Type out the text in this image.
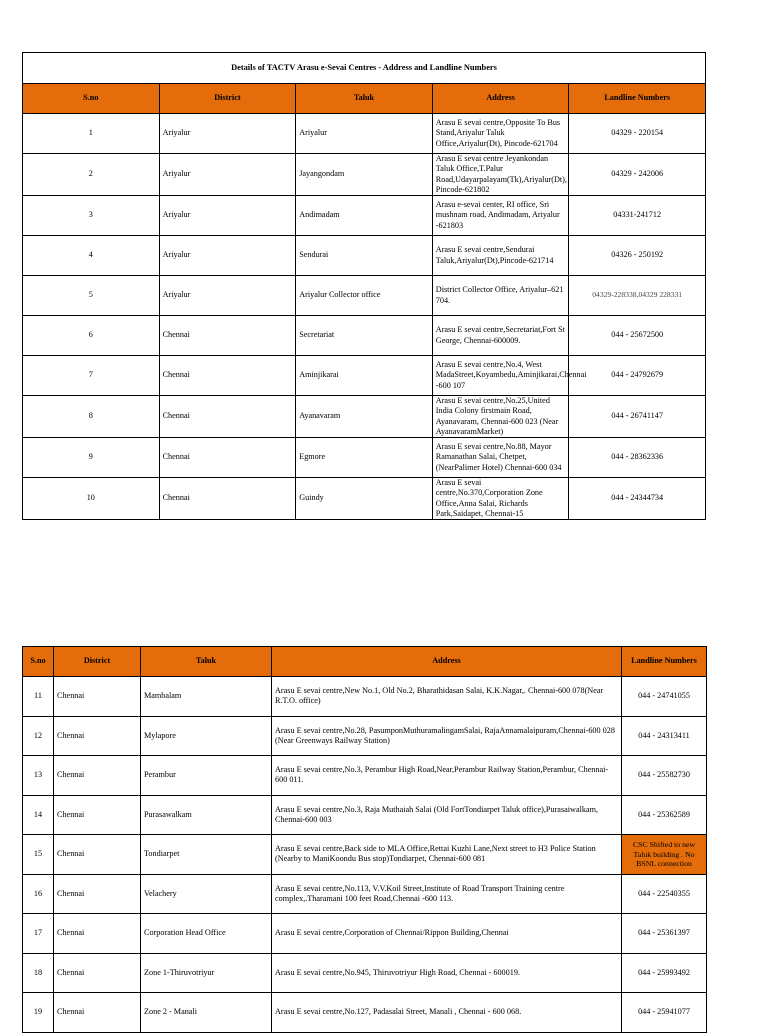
Details of TACTV Arasu e-Sevai Centres - Address and Landline Numbers				
S.no	District	Taluk	Address	Landline Numbers
1	Ariyalur	Ariyalur	Arasu E sevai centre,Opposite To Bus Stand,Ariyalur Taluk Office,Ariyalur(Dt), Pincode-621704	04329 - 220154
2	Ariyalur	Jayangondam	Arasu E sevai centre Jeyankondan Taluk Office,T.Palur Road,Udayarpalayam(Tk),Ariyalur(Dt), Pincode-621802	04329 - 242006
3	Ariyalur	Andimadam	Arasu e-sevai center, RI office, Sri mushnam road, Andimadam, Ariyalur -621803	04331-241712
4	Ariyalur	Sendurai	Arasu E sevai centre,Sendurai Taluk,Ariyalur(Dt),Pincode-621714	04326 - 250192
5	Ariyalur	Ariyalur Collector office	District Collector Office, Ariyalur–621 704.	04329-228338,04329 228331
6	Chennai	Secretariat	Arasu E sevai centre,Secretariat,Fort St George, Chennai-600009.	044 - 25672500
7	Chennai	Aminjikarai	Arasu E sevai centre,No.4, West MadaStreet,Koyambedu,Aminjikarai,Chennai -600 107	044 - 24792679
8	Chennai	Ayanavaram	Arasu E sevai centre,No.25,United India Colony firstmain Road, Ayanavaram, Chennai-600 023 (Near AyanavaramMarket)	044 - 26741147
9	Chennai	Egmore	Arasu E sevai centre,No.88, Mayor Ramanathan Salai, Chetpet,(NearPalimer Hotel) Chennai-600 034	044 - 28362336
10	Chennai	Guindy	Arasu E sevai centre,No.370,Corporation Zone Office,Anna Salai, Richards Park,Saidapet, Chennai-15	044 - 24344734
S.no	District	Taluk	Address	Landline Numbers
11	Chennai	Mambalam	Arasu E sevai centre,New No.1, Old No.2, Bharathidasan Salai, K.K.Nagar,. Chennai-600 078(Near R.T.O. office)	044 - 24741055
12	Chennai	Mylapore	Arasu E sevai centre,No.28, PasumponMuthuramalingamSalai, RajaAnnamalaipuram,Chennai-600 028 (Near Greenways Railway Station)	044 - 24313411
13	Chennai	Perambur	Arasu E sevai centre,No.3, Perambur High Road,Near,Perambur Railway Station,Perambur, Chennai-600 011.	044 - 25582730
14	Chennai	Purasawalkam	Arasu E sevai centre,No.3, Raja Muthaiah Salai (Old FortTondiarpet Taluk office),Purasaiwalkam, Chennai-600 003	044 - 25362589
15	Chennai	Tondiarpet	Arasu E sevai centre,Back side to MLA Office,Rettai Kuzhi Lane,Next street to H3 Police Station (Nearby to ManiKoondu Bus stop)Tondiarpet, Chennai-600 081	CSC Shifted to new Taluk building . No BSNL connection
16	Chennai	Velachery	Arasu E sevai centre,No.113, V.V.Koil Street,Institute of Road Transport Training centre complex,.Tharamani 100 feet Road,Chennai -600 113.	044 - 22540355
17	Chennai	Corporation Head Office	Arasu E sevai centre,Corporation of Chennai/Rippon Building,Chennai	044 - 25361397
18	Chennai	Zone 1-Thiruvotriyur	Arasu E sevai centre,No.945, Thiruvotriyur High Road, Chennai - 600019.	044 - 25993492
19	Chennai	Zone 2 - Manali	Arasu E sevai centre,No.127, Padasalai Street, Manali , Chennai - 600 068.	044 - 25941077
